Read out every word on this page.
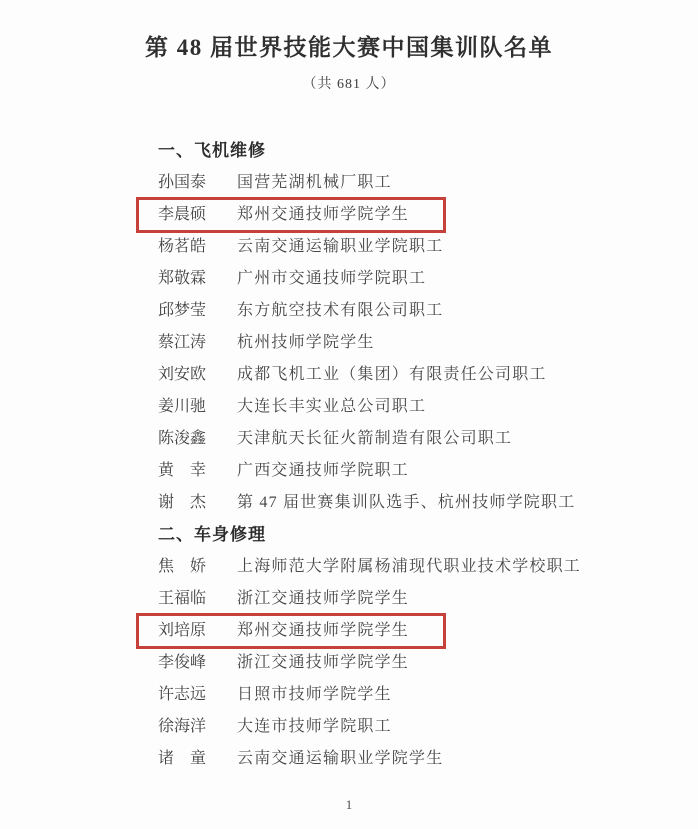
第 48 届世界技能大赛中国集训队名单
（共 681 人）
一、飞机维修
孙国泰 国营芜湖机械厂职工
李晨硕 郑州交通技师学院学生
杨茗皓 云南交通运输职业学院职工
郑敬霖 广州市交通技师学院职工
邱梦莹 东方航空技术有限公司职工
蔡江涛 杭州技师学院学生
刘安欧 成都飞机工业（集团）有限责任公司职工
姜川驰 大连长丰实业总公司职工
陈浚鑫 天津航天长征火箭制造有限公司职工
黄　幸 广西交通技师学院职工
谢　杰 第 47 届世赛集训队选手、杭州技师学院职工
二、车身修理
焦　娇 上海师范大学附属杨浦现代职业技术学校职工
王福临 浙江交通技师学院学生
刘培原 郑州交通技师学院学生
李俊峰 浙江交通技师学院学生
许志远 日照市技师学院学生
徐海洋 大连市技师学院职工
诸　童 云南交通运输职业学院学生
1
